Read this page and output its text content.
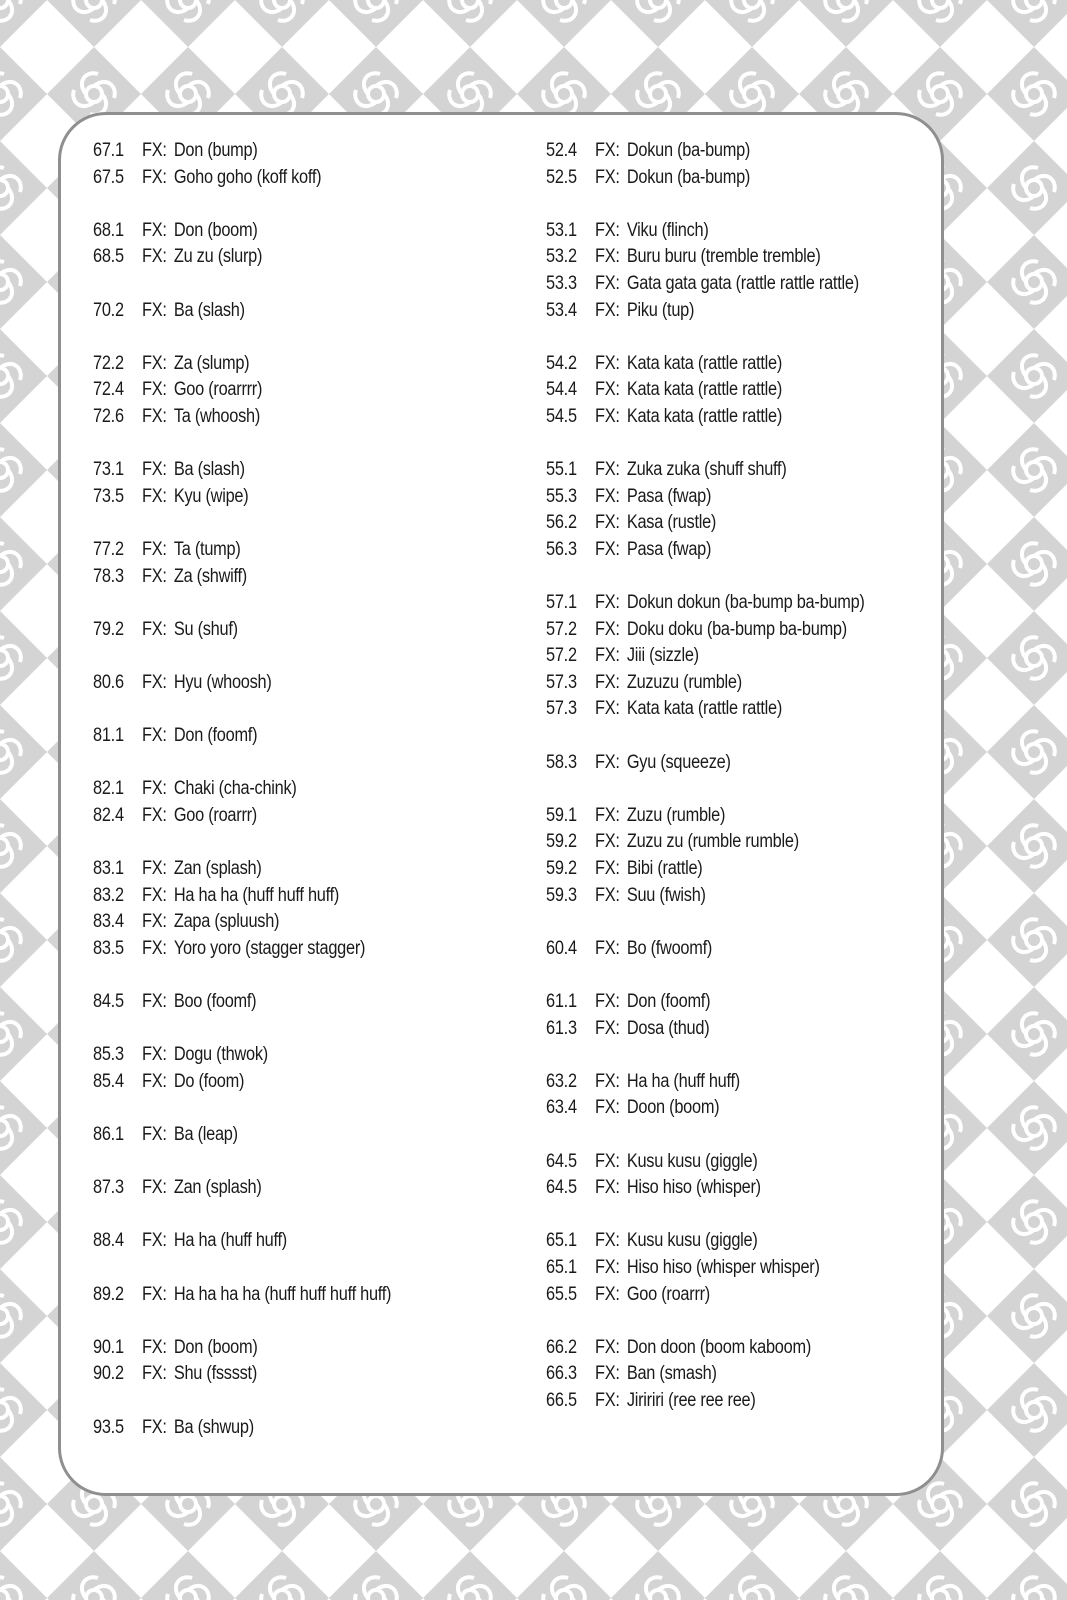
67.1 FX: Don (bump)
67.5 FX: Goho goho (koff koff)
68.1 FX: Don (boom)
68.5 FX: Zu zu (slurp)
70.2 FX: Ba (slash)
72.2 FX: Za (slump)
72.4 FX: Goo (roarrrr)
72.6 FX: Ta (whoosh)
73.1 FX: Ba (slash)
73.5 FX: Kyu (wipe)
77.2 FX: Ta (tump)
78.3 FX: Za (shwiff)
79.2 FX: Su (shuf)
80.6 FX: Hyu (whoosh)
81.1 FX: Don (foomf)
82.1 FX: Chaki (cha-chink)
82.4 FX: Goo (roarrr)
83.1 FX: Zan (splash)
83.2 FX: Ha ha ha (huff huff huff)
83.4 FX: Zapa (spluush)
83.5 FX: Yoro yoro (stagger stagger)
84.5 FX: Boo (foomf)
85.3 FX: Dogu (thwok)
85.4 FX: Do (foom)
86.1 FX: Ba (leap)
87.3 FX: Zan (splash)
88.4 FX: Ha ha (huff huff)
89.2 FX: Ha ha ha ha (huff huff huff huff)
90.1 FX: Don (boom)
90.2 FX: Shu (fsssst)
93.5 FX: Ba (shwup)
52.4 FX: Dokun (ba-bump)
52.5 FX: Dokun (ba-bump)
53.1 FX: Viku (flinch)
53.2 FX: Buru buru (tremble tremble)
53.3 FX: Gata gata gata (rattle rattle rattle)
53.4 FX: Piku (tup)
54.2 FX: Kata kata (rattle rattle)
54.4 FX: Kata kata (rattle rattle)
54.5 FX: Kata kata (rattle rattle)
55.1 FX: Zuka zuka (shuff shuff)
55.3 FX: Pasa (fwap)
56.2 FX: Kasa (rustle)
56.3 FX: Pasa (fwap)
57.1 FX: Dokun dokun (ba-bump ba-bump)
57.2 FX: Doku doku (ba-bump ba-bump)
57.2 FX: Jiii (sizzle)
57.3 FX: Zuzuzu (rumble)
57.3 FX: Kata kata (rattle rattle)
58.3 FX: Gyu (squeeze)
59.1 FX: Zuzu (rumble)
59.2 FX: Zuzu zu (rumble rumble)
59.2 FX: Bibi (rattle)
59.3 FX: Suu (fwish)
60.4 FX: Bo (fwoomf)
61.1 FX: Don (foomf)
61.3 FX: Dosa (thud)
63.2 FX: Ha ha (huff huff)
63.4 FX: Doon (boom)
64.5 FX: Kusu kusu (giggle)
64.5 FX: Hiso hiso (whisper)
65.1 FX: Kusu kusu (giggle)
65.1 FX: Hiso hiso (whisper whisper)
65.5 FX: Goo (roarrr)
66.2 FX: Don doon (boom kaboom)
66.3 FX: Ban (smash)
66.5 FX: Jiririri (ree ree ree)
